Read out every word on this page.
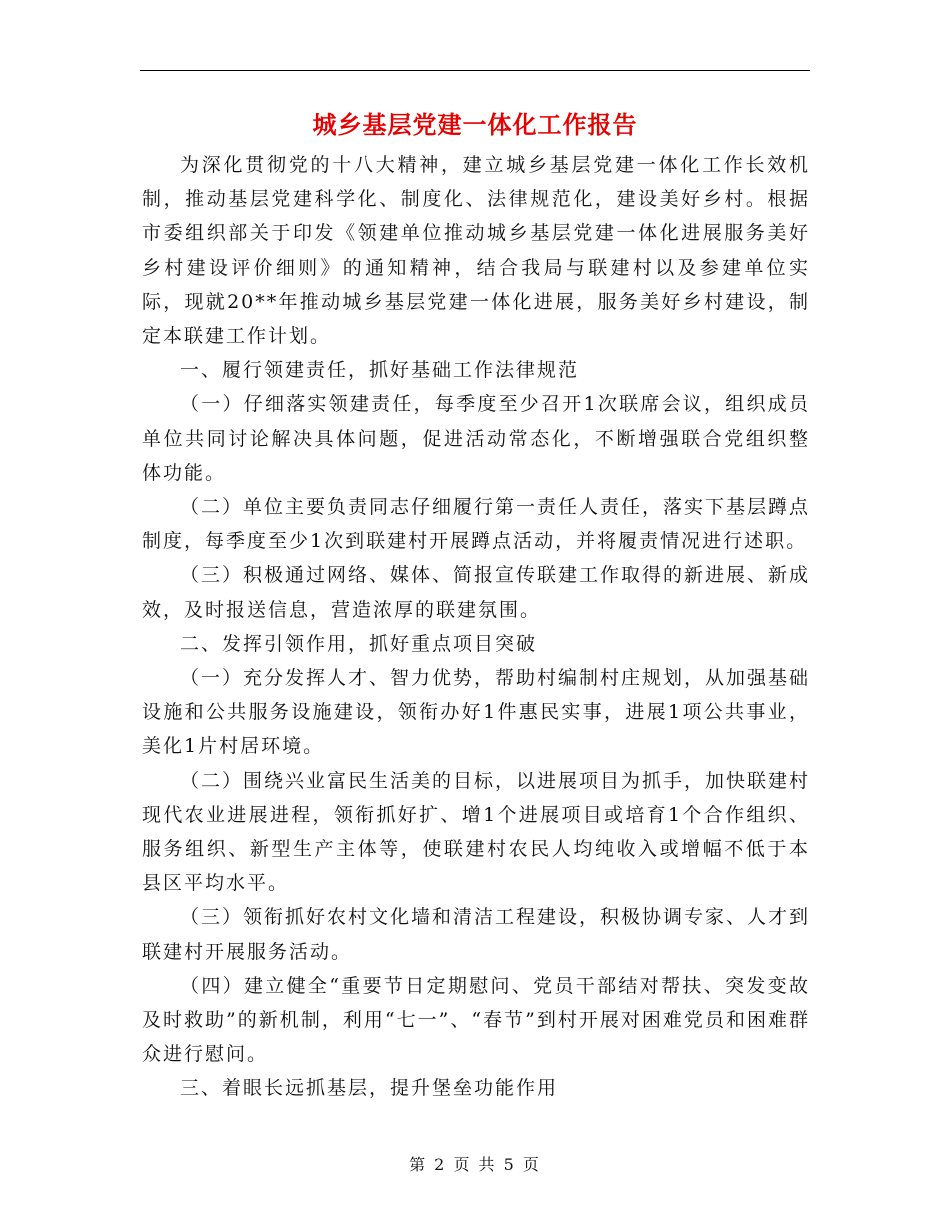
城乡基层党建一体化工作报告

为深化贯彻党的十八大精神，建立城乡基层党建一体化工作长效机制，推动基层党建科学化、制度化、法律规范化，建设美好乡村。根据市委组织部关于印发《领建单位推动城乡基层党建一体化进展服务美好乡村建设评价细则》的通知精神，结合我局与联建村以及参建单位实际，现就20**年推动城乡基层党建一体化进展，服务美好乡村建设，制定本联建工作计划。

一、履行领建责任，抓好基础工作法律规范

（一）仔细落实领建责任，每季度至少召开1次联席会议，组织成员单位共同讨论解决具体问题，促进活动常态化，不断增强联合党组织整体功能。

（二）单位主要负责同志仔细履行第一责任人责任，落实下基层蹲点制度，每季度至少1次到联建村开展蹲点活动，并将履责情况进行述职。

（三）积极通过网络、媒体、简报宣传联建工作取得的新进展、新成效，及时报送信息，营造浓厚的联建氛围。

二、发挥引领作用，抓好重点项目突破

（一）充分发挥人才、智力优势，帮助村编制村庄规划，从加强基础设施和公共服务设施建设，领衔办好1件惠民实事，进展1项公共事业，美化1片村居环境。

（二）围绕兴业富民生活美的目标，以进展项目为抓手，加快联建村现代农业进展进程，领衔抓好扩、增1个进展项目或培育1个合作组织、服务组织、新型生产主体等，使联建村农民人均纯收入或增幅不低于本县区平均水平。

（三）领衔抓好农村文化墙和清洁工程建设，积极协调专家、人才到联建村开展服务活动。

（四）建立健全“重要节日定期慰问、党员干部结对帮扶、突发变故及时救助”的新机制，利用“七一”、“春节”到村开展对困难党员和困难群众进行慰问。

三、着眼长远抓基层，提升堡垒功能作用

第 2 页 共 5 页
